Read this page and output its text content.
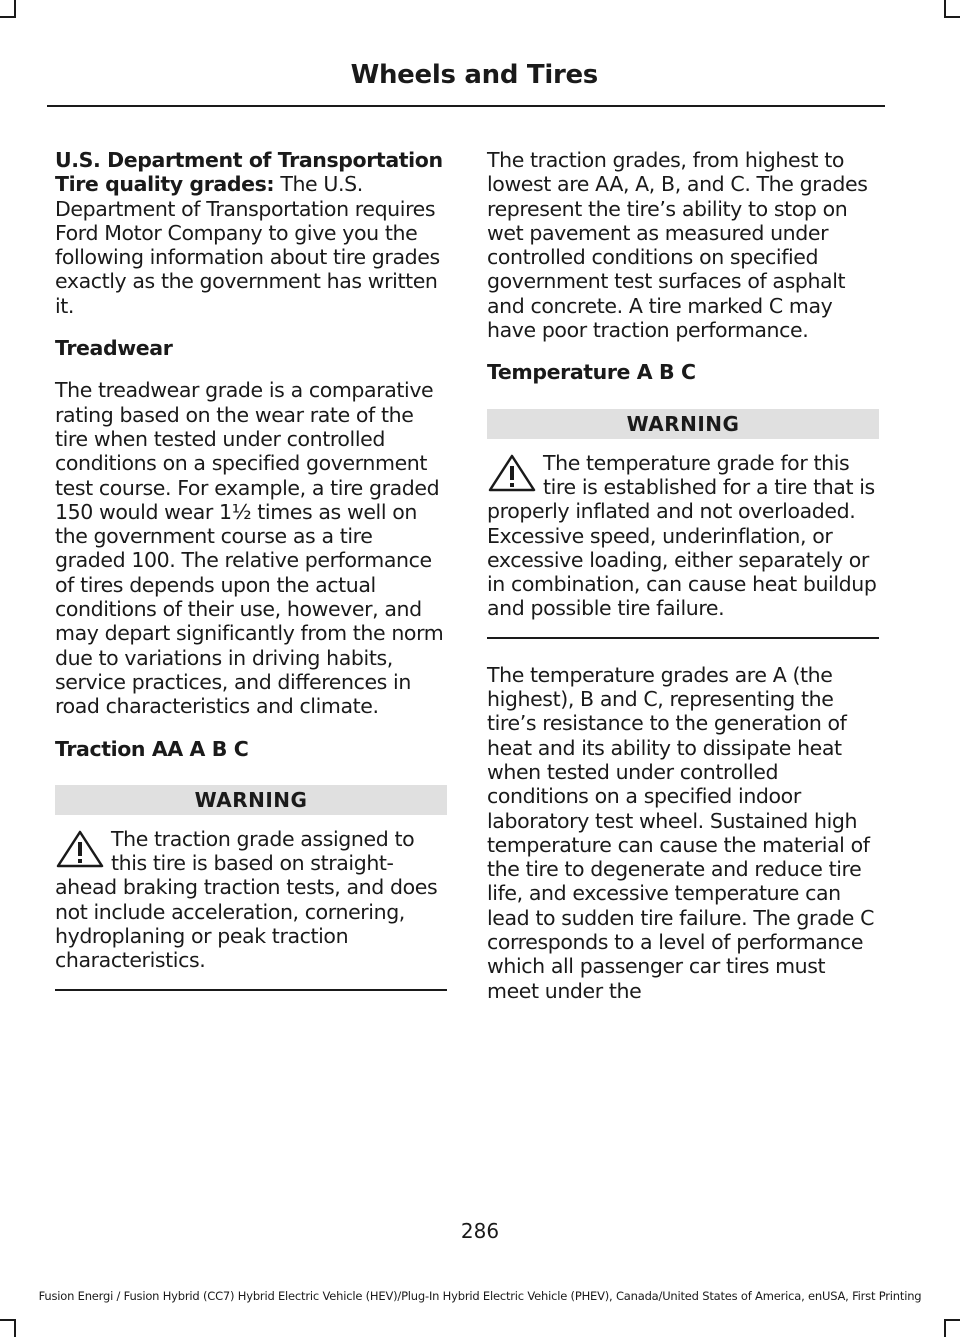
Wheels and Tires

U.S. Department of Transportation Tire quality grades: The U.S. Department of Transportation requires Ford Motor Company to give you the following information about tire grades exactly as the government has written it.

Treadwear

The treadwear grade is a comparative rating based on the wear rate of the tire when tested under controlled conditions on a specified government test course. For example, a tire graded 150 would wear 1½ times as well on the government course as a tire graded 100. The relative performance of tires depends upon the actual conditions of their use, however, and may depart significantly from the norm due to variations in driving habits, service practices, and differences in road characteristics and climate.

Traction AA A B C
WARNING
The traction grade assigned to this tire is based on straight-ahead braking traction tests, and does not include acceleration, cornering, hydroplaning or peak traction characteristics.

The traction grades, from highest to lowest are AA, A, B, and C. The grades represent the tire’s ability to stop on wet pavement as measured under controlled conditions on specified government test surfaces of asphalt and concrete. A tire marked C may have poor traction performance.

Temperature A B C
WARNING
The temperature grade for this tire is established for a tire that is properly inflated and not overloaded. Excessive speed, underinflation, or excessive loading, either separately or in combination, can cause heat buildup and possible tire failure.

The temperature grades are A (the highest), B and C, representing the tire’s resistance to the generation of heat and its ability to dissipate heat when tested under controlled conditions on a specified indoor laboratory test wheel. Sustained high temperature can cause the material of the tire to degenerate and reduce tire life, and excessive temperature can lead to sudden tire failure. The grade C corresponds to a level of performance which all passenger car tires must meet under the

286
Fusion Energi / Fusion Hybrid (CC7) Hybrid Electric Vehicle (HEV)/Plug-In Hybrid Electric Vehicle (PHEV), Canada/United States of America, enUSA, First Printing
